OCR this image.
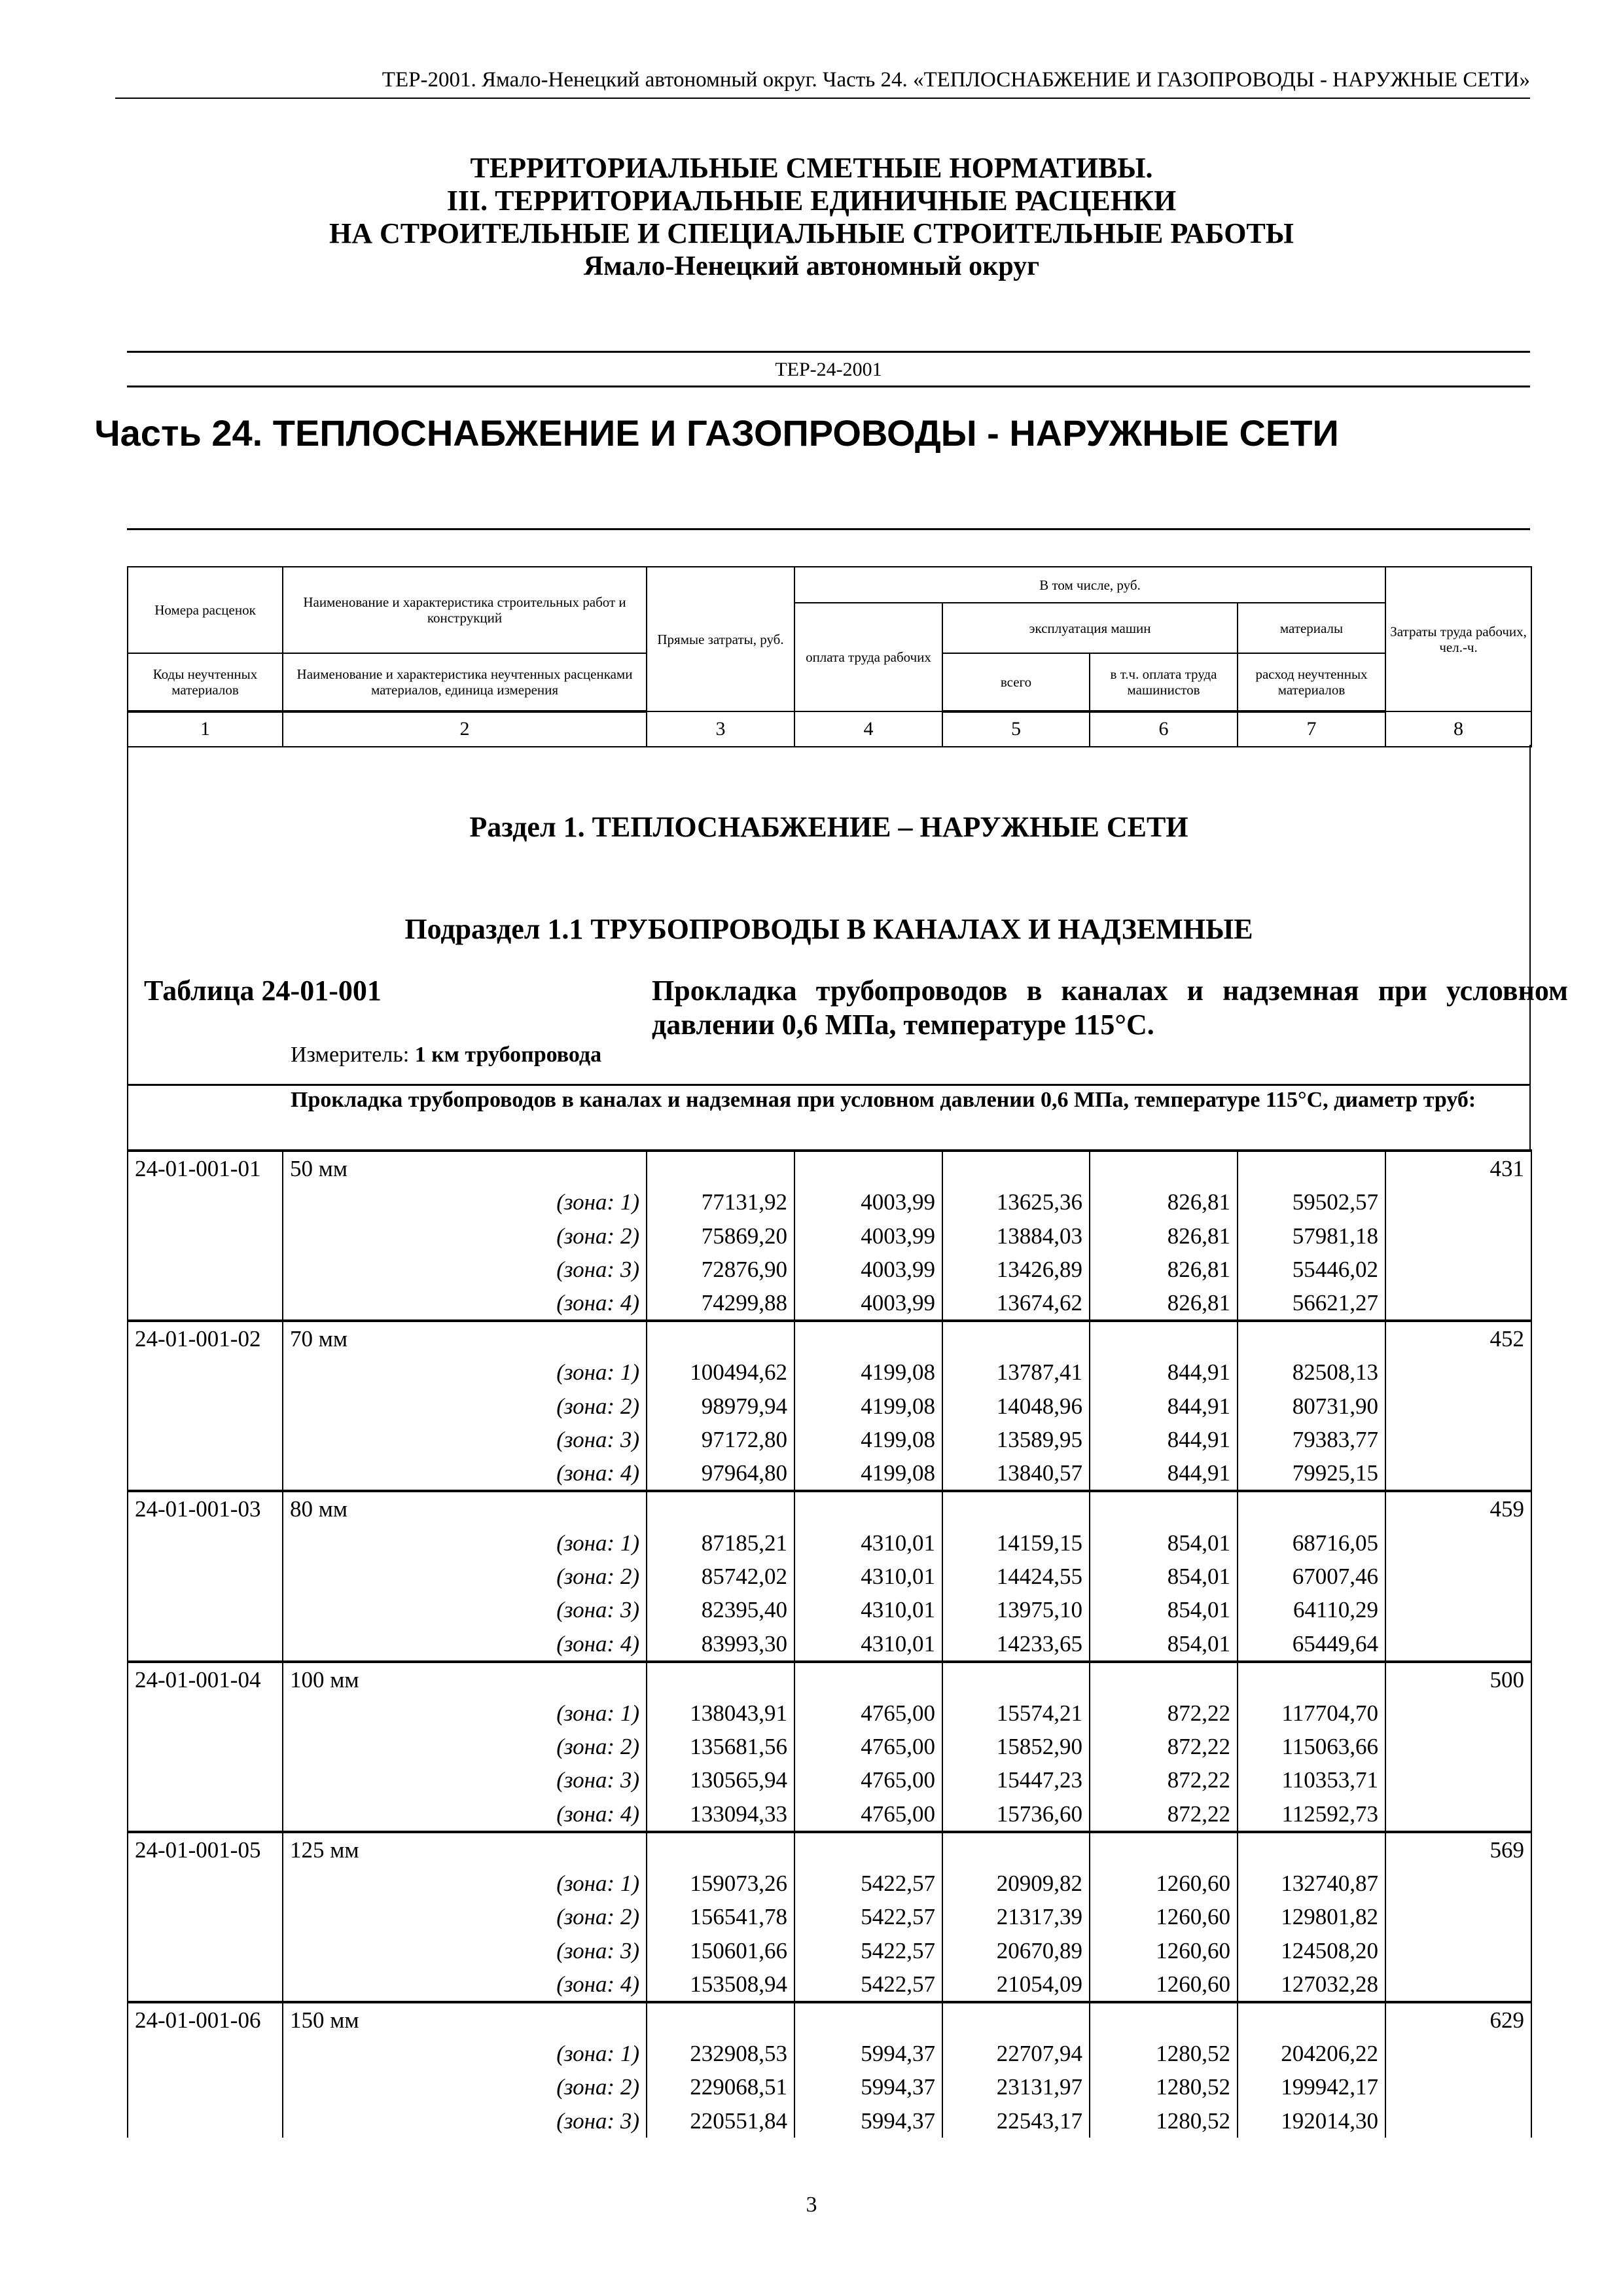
ТЕР-2001. Ямало-Ненецкий автономный округ. Часть 24. «ТЕПЛОСНАБЖЕНИЕ И ГАЗОПРОВОДЫ - НАРУЖНЫЕ СЕТИ»
ТЕРРИТОРИАЛЬНЫЕ СМЕТНЫЕ НОРМАТИВЫ.
III. ТЕРРИТОРИАЛЬНЫЕ ЕДИНИЧНЫЕ РАСЦЕНКИ
НА СТРОИТЕЛЬНЫЕ И СПЕЦИАЛЬНЫЕ СТРОИТЕЛЬНЫЕ РАБОТЫ
Ямало-Ненецкий автономный округ
ТЕР-24-2001
Часть 24. ТЕПЛОСНАБЖЕНИЕ И ГАЗОПРОВОДЫ - НАРУЖНЫЕ СЕТИ
Номера расценок	Наименование и характеристика строительных работ и конструкций	Прямые затраты, руб.	В том числе, руб.				Затраты труда рабочих, чел.-ч.
			оплата труда рабочих	эксплуатация машин		материалы	
Коды неучтенных материалов	Наименование и характеристика неучтенных расценками материалов, единица измерения			всего	в т.ч. оплата труда машинистов	расход неучтенных материалов	
1	2	3	4	5	6	7	8
Раздел 1. ТЕПЛОСНАБЖЕНИЕ – НАРУЖНЫЕ СЕТИ
Подраздел 1.1 ТРУБОПРОВОДЫ В КАНАЛАХ И НАДЗЕМНЫЕ
Таблица 24-01-001	Прокладка трубопроводов в каналах и надземная при условном давлении 0,6 МПа, температуре 115°С.
Измеритель: 1 км трубопровода
Прокладка трубопроводов в каналах и надземная при условном давлении 0,6 МПа, температуре 115°С, диаметр труб:
24-01-001-01	50 мм						431
	(зона: 1)	77131,92	4003,99	13625,36	826,81	59502,57	
	(зона: 2)	75869,20	4003,99	13884,03	826,81	57981,18	
	(зона: 3)	72876,90	4003,99	13426,89	826,81	55446,02	
	(зона: 4)	74299,88	4003,99	13674,62	826,81	56621,27	
24-01-001-02	70 мм						452
	(зона: 1)	100494,62	4199,08	13787,41	844,91	82508,13	
	(зона: 2)	98979,94	4199,08	14048,96	844,91	80731,90	
	(зона: 3)	97172,80	4199,08	13589,95	844,91	79383,77	
	(зона: 4)	97964,80	4199,08	13840,57	844,91	79925,15	
24-01-001-03	80 мм						459
	(зона: 1)	87185,21	4310,01	14159,15	854,01	68716,05	
	(зона: 2)	85742,02	4310,01	14424,55	854,01	67007,46	
	(зона: 3)	82395,40	4310,01	13975,10	854,01	64110,29	
	(зона: 4)	83993,30	4310,01	14233,65	854,01	65449,64	
24-01-001-04	100 мм						500
	(зона: 1)	138043,91	4765,00	15574,21	872,22	117704,70	
	(зона: 2)	135681,56	4765,00	15852,90	872,22	115063,66	
	(зона: 3)	130565,94	4765,00	15447,23	872,22	110353,71	
	(зона: 4)	133094,33	4765,00	15736,60	872,22	112592,73	
24-01-001-05	125 мм						569
	(зона: 1)	159073,26	5422,57	20909,82	1260,60	132740,87	
	(зона: 2)	156541,78	5422,57	21317,39	1260,60	129801,82	
	(зона: 3)	150601,66	5422,57	20670,89	1260,60	124508,20	
	(зона: 4)	153508,94	5422,57	21054,09	1260,60	127032,28	
24-01-001-06	150 мм						629
	(зона: 1)	232908,53	5994,37	22707,94	1280,52	204206,22	
	(зона: 2)	229068,51	5994,37	23131,97	1280,52	199942,17	
	(зона: 3)	220551,84	5994,37	22543,17	1280,52	192014,30	
3
